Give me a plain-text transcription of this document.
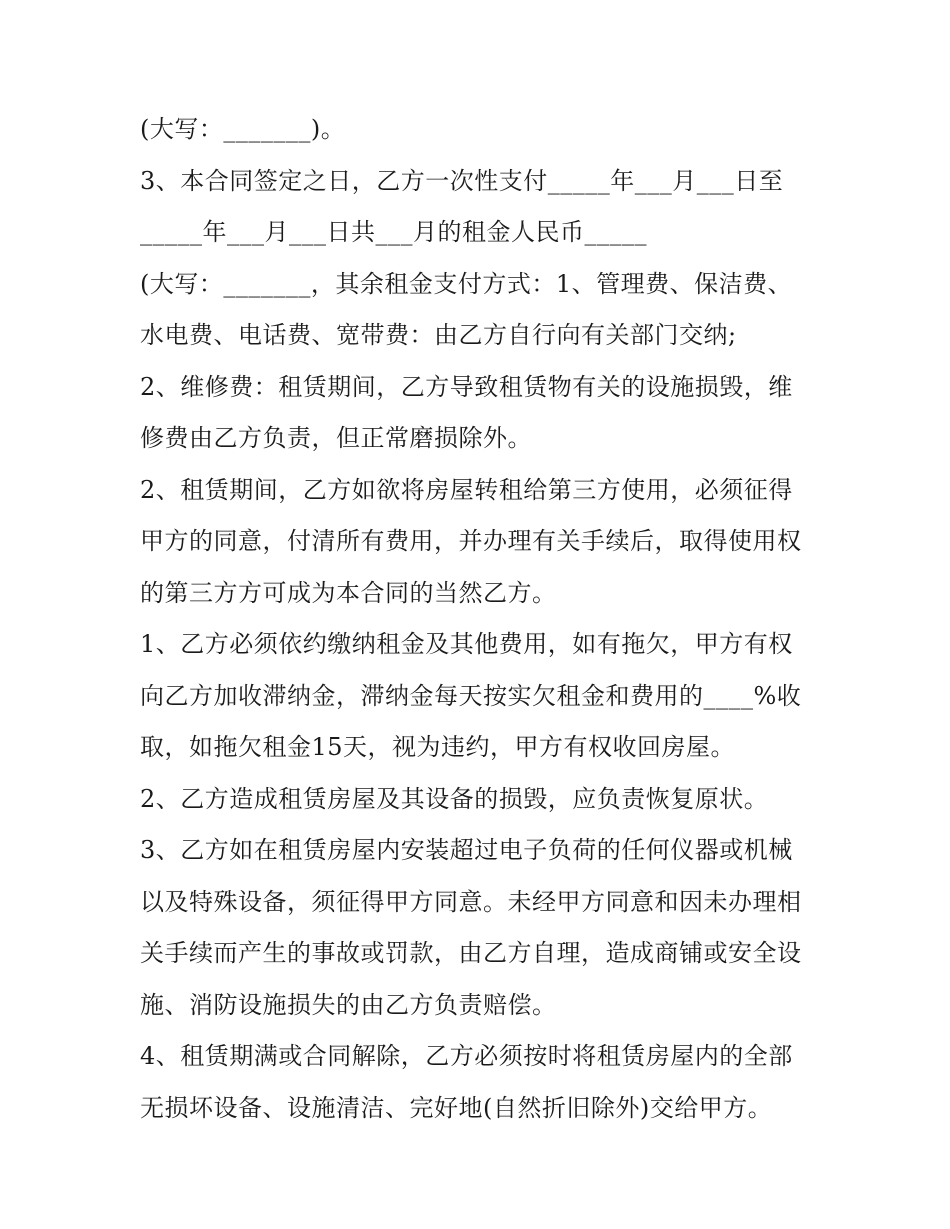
(大写：_______)。
3、本合同签定之日，乙方一次性支付_____年___月___日至
_____年___月___日共___月的租金人民币_____
(大写：_______，其余租金支付方式：1、管理费、保洁费、
水电费、电话费、宽带费：由乙方自行向有关部门交纳;
2、维修费：租赁期间，乙方导致租赁物有关的设施损毁，维
修费由乙方负责，但正常磨损除外。
2、租赁期间，乙方如欲将房屋转租给第三方使用，必须征得
甲方的同意，付清所有费用，并办理有关手续后，取得使用权
的第三方方可成为本合同的当然乙方。
1、乙方必须依约缴纳租金及其他费用，如有拖欠，甲方有权
向乙方加收滞纳金，滞纳金每天按实欠租金和费用的____%收
取，如拖欠租金15天，视为违约，甲方有权收回房屋。
2、乙方造成租赁房屋及其设备的损毁，应负责恢复原状。
3、乙方如在租赁房屋内安装超过电子负荷的任何仪器或机械
以及特殊设备，须征得甲方同意。未经甲方同意和因未办理相
关手续而产生的事故或罚款，由乙方自理，造成商铺或安全设
施、消防设施损失的由乙方负责赔偿。
4、租赁期满或合同解除，乙方必须按时将租赁房屋内的全部
无损坏设备、设施清洁、完好地(自然折旧除外)交给甲方。
